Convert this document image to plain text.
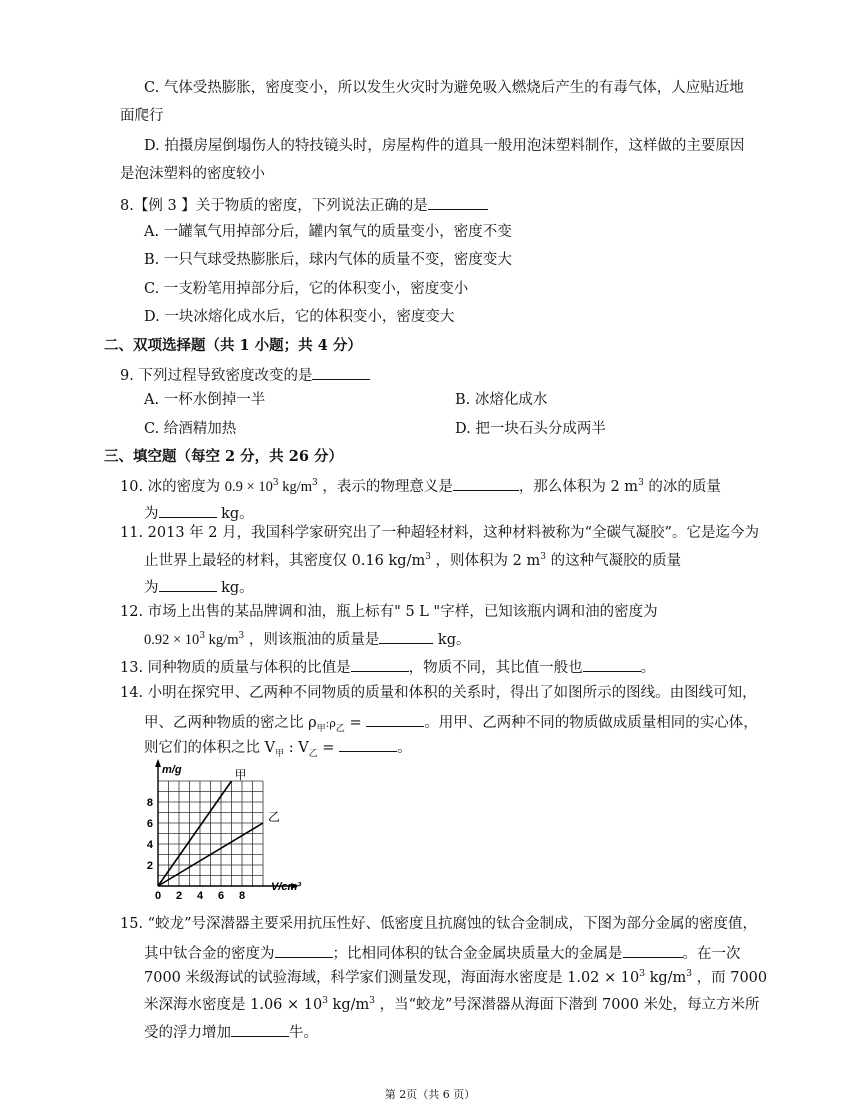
C. 气体受热膨胀，密度变小，所以发生火灾时为避免吸入燃烧后产生的有毒气体，人应贴近地
面爬行
D. 拍摄房屋倒塌伤人的特技镜头时，房屋构件的道具一般用泡沫塑料制作，这样做的主要原因
是泡沫塑料的密度较小
8.【例 3 】关于物质的密度，下列说法正确的是
A. 一罐氧气用掉部分后，罐内氧气的质量变小，密度不变
B. 一只气球受热膨胀后，球内气体的质量不变，密度变大
C. 一支粉笔用掉部分后，它的体积变小，密度变小
D. 一块冰熔化成水后，它的体积变小，密度变大
二、双项选择题（共 1 小题；共 4 分）
9. 下列过程导致密度改变的是
A. 一杯水倒掉一半	B. 冰熔化成水
C. 给酒精加热	D. 把一块石头分成两半
三、填空题（每空 2 分，共 26 分）
10. 冰的密度为 $0.9 \times 10^3$ $kg/m^3$ ，表示的物理意义是	，那么体积为 2 $m^3$ 的冰的质量
为	kg。
11. 2013 年 2 月，我国科学家研究出了一种超轻材料，这种材料被称为“全碳气凝胶”。它是迄今为
止世界上最轻的材料，其密度仅 0.16 $kg/m^3$ ，则体积为 2 $m^3$ 的这种气凝胶的质量
为	kg。
12. 市场上出售的某品牌调和油，瓶上标有" 5 L "字样，已知该瓶内调和油的密度为
$0.92 \times 10^3$ $kg/m^3$ ，则该瓶油的质量是	kg。
13. 同种物质的质量与体积的比值是	，物质不同，其比值一般也	。
14. 小明在探究甲、乙两种不同物质的质量和体积的关系时，得出了如图所示的图线。由图线可知，
甲、乙两种物质的密之比 $\rho_甲:\rho_乙$ =	。用甲、乙两种不同的物质做成质量相同的实心体，
则它们的体积之比 $V_甲$ : $V_乙$ =	。
0 2 4 6 8
2
4
6
8
m/g
V/cm³
甲
乙
15. “蛟龙”号深潜器主要采用抗压性好、低密度且抗腐蚀的钛合金制成，下图为部分金属的密度值，
其中钛合金的密度为	；比相同体积的钛合金金属块质量大的金属是	。在一次
7000 米级海试的试验海域，科学家们测量发现，海面海水密度是 $1.02 \times 10^3$ $kg/m^3$ ，而 7000
米深海水密度是 $1.06 \times 10^3$ $kg/m^3$ ，当“蛟龙”号深潜器从海面下潜到 7000 米处，每立方米所
受的浮力增加	牛。
第 2页（共 6 页）
